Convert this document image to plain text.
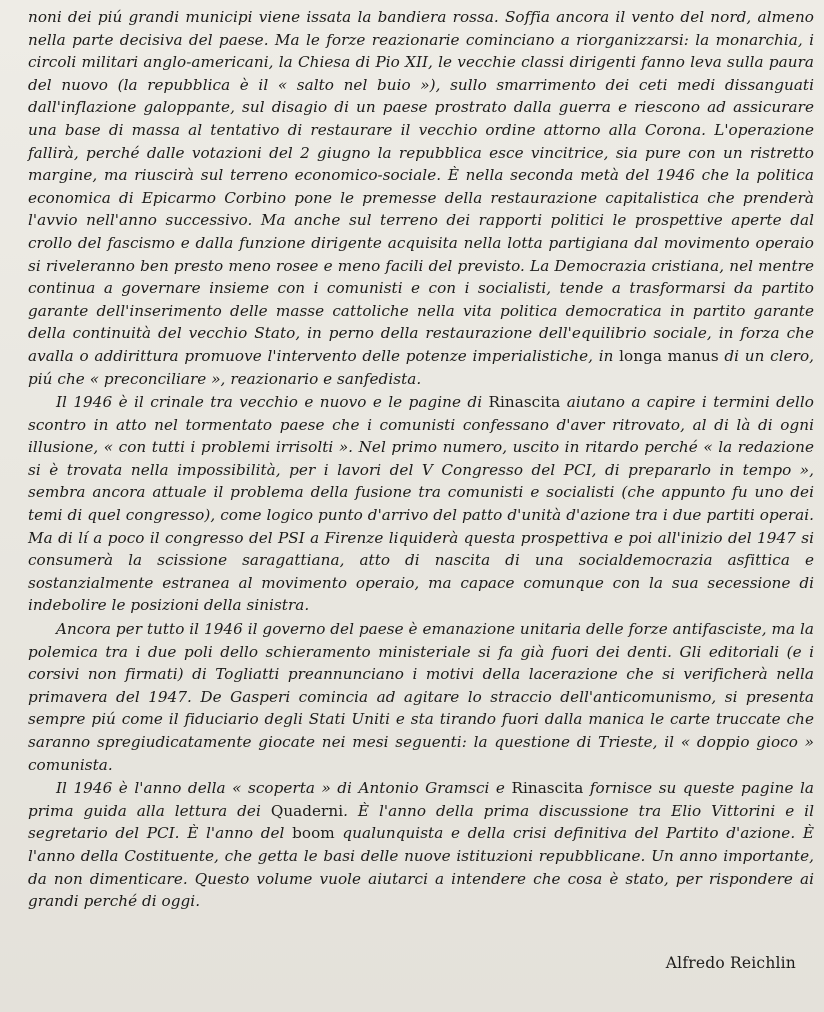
noni dei piú grandi municipi viene issata la bandiera rossa. Soffia ancora il vento del nord, almeno nella parte decisiva del paese. Ma le forze reazionarie cominciano a riorganizzarsi: la monarchia, i circoli militari anglo-americani, la Chiesa di Pio XII, le vecchie classi dirigenti fanno leva sulla paura del nuovo (la repubblica è il « salto nel buio »), sullo smarrimento dei ceti medi dissanguati dall'inflazione galoppante, sul disagio di un paese prostrato dalla guerra e riescono ad assicurare una base di massa al tentativo di restaurare il vecchio ordine attorno alla Corona. L'operazione fallirà, perché dalle votazioni del 2 giugno la repubblica esce vincitrice, sia pure con un ristretto margine, ma riuscirà sul terreno economico-sociale. È nella seconda metà del 1946 che la politica economica di Epicarmo Corbino pone le premesse della restaurazione capitalistica che prenderà l'avvio nell'anno successivo. Ma anche sul terreno dei rapporti politici le prospettive aperte dal crollo del fascismo e dalla funzione dirigente acquisita nella lotta partigiana dal movimento operaio si riveleranno ben presto meno rosee e meno facili del previsto. La Democrazia cristiana, nel mentre continua a governare insieme con i comunisti e con i socialisti, tende a trasformarsi da partito garante dell'inserimento delle masse cattoliche nella vita politica democratica in partito garante della continuità del vecchio Stato, in perno della restaurazione dell'equilibrio sociale, in forza che avalla o addirittura promuove l'intervento delle potenze imperialistiche, in longa manus di un clero, piú che « preconciliare », reazionario e sanfedista.

Il 1946 è il crinale tra vecchio e nuovo e le pagine di Rinascita aiutano a capire i termini dello scontro in atto nel tormentato paese che i comunisti confessano d'aver ritrovato, al di là di ogni illusione, « con tutti i problemi irrisolti ». Nel primo numero, uscito in ritardo perché « la redazione si è trovata nella impossibilità, per i lavori del V Congresso del PCI, di prepararlo in tempo », sembra ancora attuale il problema della fusione tra comunisti e socialisti (che appunto fu uno dei temi di quel congresso), come logico punto d'arrivo del patto d'unità d'azione tra i due partiti operai. Ma di lí a poco il congresso del PSI a Firenze liquiderà questa prospettiva e poi all'inizio del 1947 si consumerà la scissione saragattiana, atto di nascita di una socialdemocrazia asfittica e sostanzialmente estranea al movimento operaio, ma capace comunque con la sua secessione di indebolire le posizioni della sinistra.

Ancora per tutto il 1946 il governo del paese è emanazione unitaria delle forze antifasciste, ma la polemica tra i due poli dello schieramento ministeriale si fa già fuori dei denti. Gli editoriali (e i corsivi non firmati) di Togliatti preannunciano i motivi della lacerazione che si verificherà nella primavera del 1947. De Gasperi comincia ad agitare lo straccio dell'anticomunismo, si presenta sempre piú come il fiduciario degli Stati Uniti e sta tirando fuori dalla manica le carte truccate che saranno spregiudicatamente giocate nei mesi seguenti: la questione di Trieste, il « doppio gioco » comunista.

Il 1946 è l'anno della « scoperta » di Antonio Gramsci e Rinascita fornisce su queste pagine la prima guida alla lettura dei Quaderni. È l'anno della prima discussione tra Elio Vittorini e il segretario del PCI. È l'anno del boom qualunquista e della crisi definitiva del Partito d'azione. È l'anno della Costituente, che getta le basi delle nuove istituzioni repubblicane. Un anno importante, da non dimenticare. Questo volume vuole aiutarci a intendere che cosa è stato, per rispondere ai grandi perché di oggi.

Alfredo Reichlin
